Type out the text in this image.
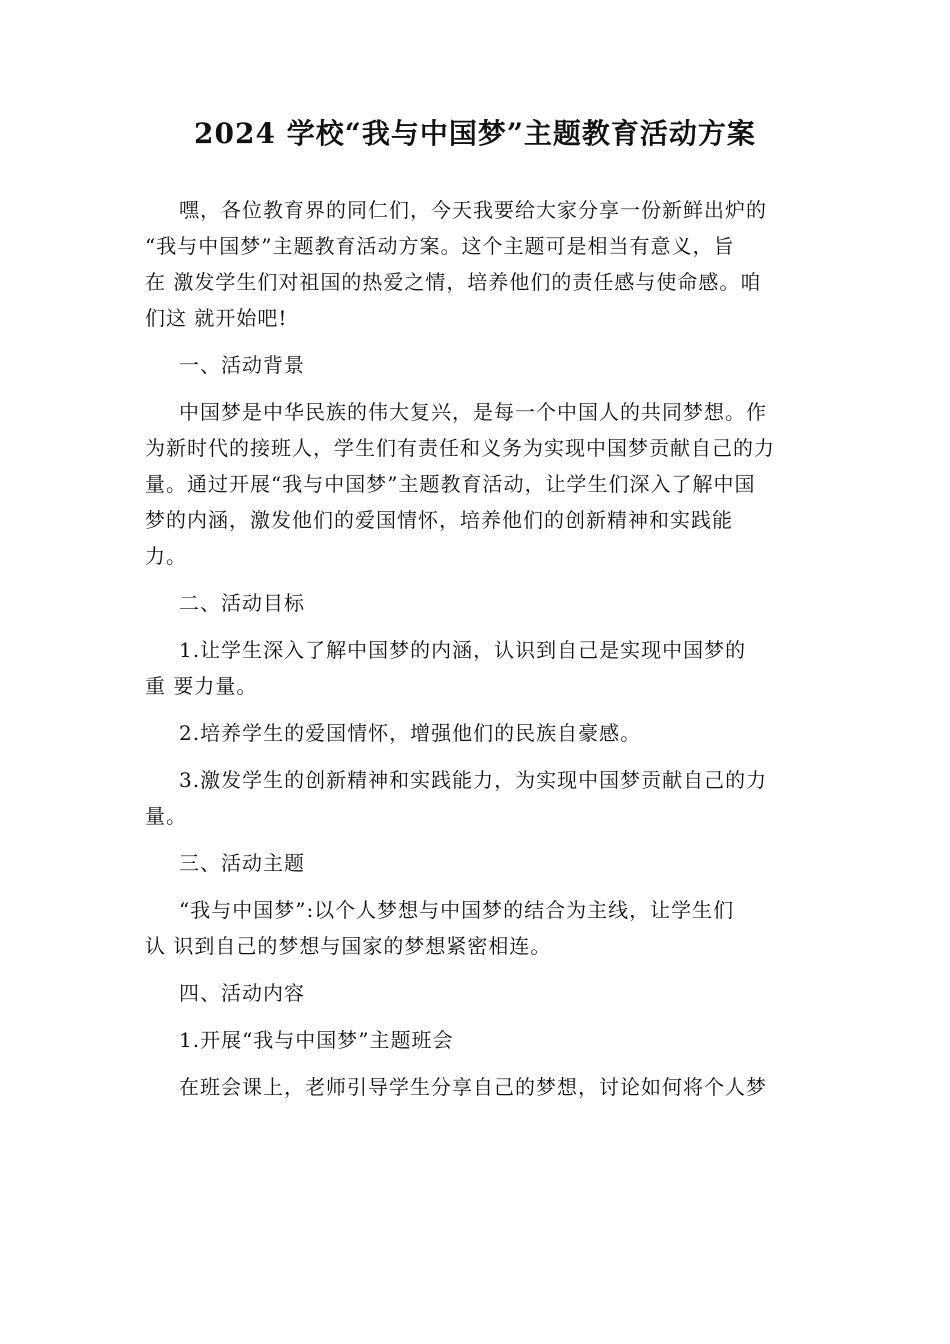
2024 学校“我与中国梦”主题教育活动方案
嘿，各位教育界的同仁们，今天我要给大家分享一份新鲜出炉的
“我与中国梦”主题教育活动方案。这个主题可是相当有意义，旨
在 激发学生们对祖国的热爱之情，培养他们的责任感与使命感。咱
们这 就开始吧!
一、活动背景
中国梦是中华民族的伟大复兴，是每一个中国人的共同梦想。作
为新时代的接班人，学生们有责任和义务为实现中国梦贡献自己的力
量。通过开展“我与中国梦”主题教育活动，让学生们深入了解中国
梦的内涵，激发他们的爱国情怀，培养他们的创新精神和实践能
力。
二、活动目标
1.让学生深入了解中国梦的内涵，认识到自己是实现中国梦的
重 要力量。
2.培养学生的爱国情怀，增强他们的民族自豪感。
3.激发学生的创新精神和实践能力，为实现中国梦贡献自己的力
量。
三、活动主题
“我与中国梦”:以个人梦想与中国梦的结合为主线，让学生们
认 识到自己的梦想与国家的梦想紧密相连。
四、活动内容
1.开展“我与中国梦”主题班会
在班会课上，老师引导学生分享自己的梦想，讨论如何将个人梦
